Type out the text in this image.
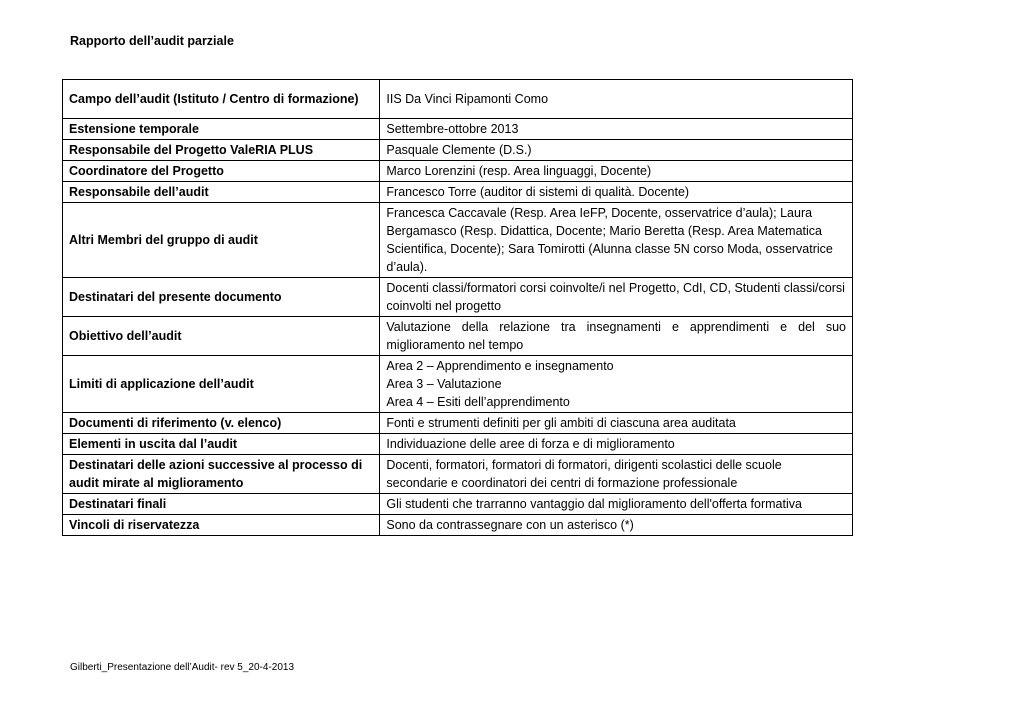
Rapporto dell’audit parziale
Campo dell’audit (Istituto / Centro di formazione)	IIS Da Vinci Ripamonti Como
Estensione temporale	Settembre-ottobre 2013
Responsabile del Progetto ValeRIA PLUS	Pasquale Clemente (D.S.)
Coordinatore del Progetto	Marco Lorenzini (resp. Area linguaggi, Docente)
Responsabile dell’audit	Francesco Torre (auditor di sistemi di qualità. Docente)
Altri Membri del gruppo di audit	Francesca Caccavale (Resp. Area IeFP, Docente, osservatrice d’aula); Laura Bergamasco (Resp. Didattica, Docente; Mario Beretta (Resp. Area Matematica Scientifica, Docente); Sara Tomirotti (Alunna classe 5N corso Moda, osservatrice d’aula).
Destinatari del presente documento	Docenti classi/formatori corsi coinvolte/i nel Progetto, CdI, CD, Studenti classi/corsi coinvolti nel progetto
Obiettivo dell’audit	Valutazione della relazione tra insegnamenti e apprendimenti e del suo miglioramento nel tempo
Limiti di applicazione dell’audit	Area 2 – Apprendimento e insegnamento
Area 3 – Valutazione
Area 4 – Esiti dell’apprendimento

Documenti di riferimento (v. elenco)	Fonti e strumenti definiti per gli ambiti di ciascuna area auditata
Elementi in uscita dal l’audit	Individuazione delle aree di forza e di miglioramento
Destinatari delle azioni successive al processo di audit mirate al miglioramento	Docenti, formatori, formatori di formatori, dirigenti scolastici delle scuole secondarie e coordinatori dei centri di formazione professionale
Destinatari finali	Gli studenti che trarranno vantaggio dal miglioramento dell'offerta formativa
Vincoli di riservatezza	Sono da contrassegnare con un asterisco (*)
Gilberti_Presentazione dell’Audit- rev 5_20-4-2013
